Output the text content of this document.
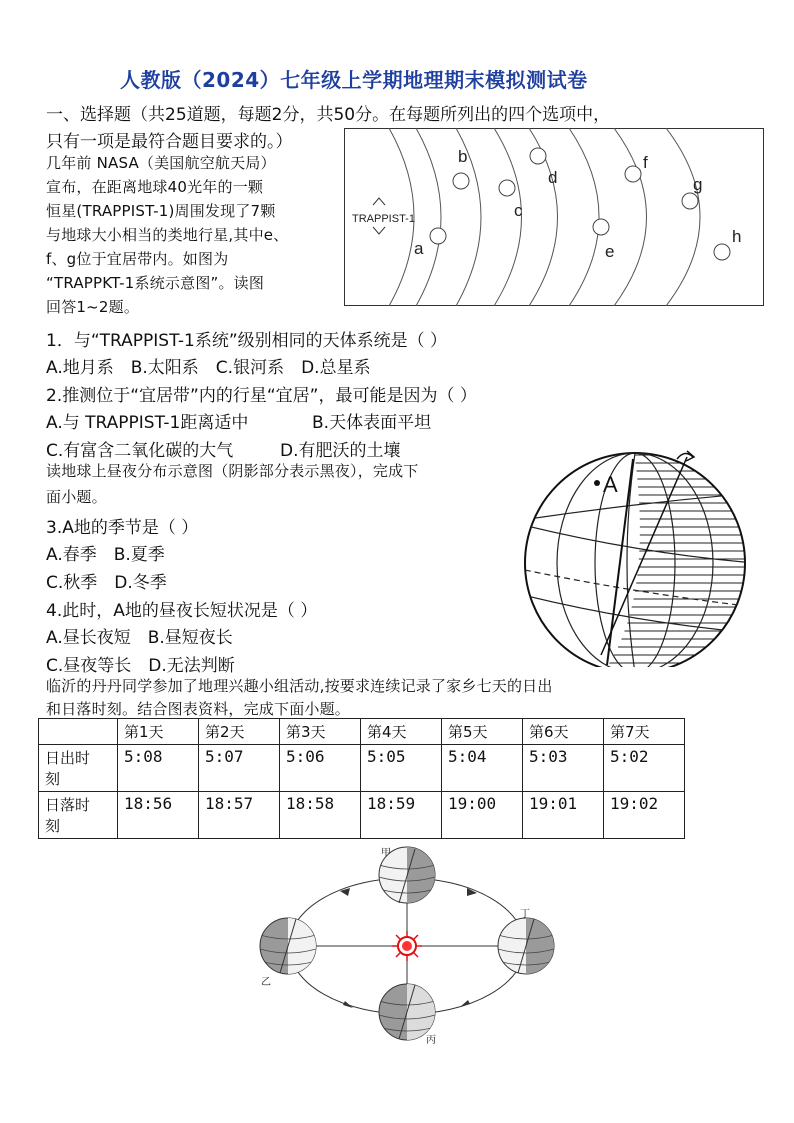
人教版（2024）七年级上学期地理期末模拟测试卷
一、选择题（共25道题，每题2分，共50分。在每题所列出的四个选项中，
只有一项是最符合题目要求的。）
几年前 NASA（美国航空航天局）
宣布，在距离地球40光年的一颗
恒星(TRAPPIST-1)周围发现了7颗
与地球大小相当的类地行星,其中e、
f、g位于宜居带内。如图为
“TRAPPKT-1系统示意图”。读图
回答1~2题。
TRAPPIST-1
a
b
c
d
e
f
g
h
1．与“TRAPPIST-1系统”级别相同的天体系统是（ ）
A.地月系　B.太阳系　C.银河系　D.总星系
2.推测位于“宜居带”内的行星“宜居”，最可能是因为（ ）
A.与 TRAPPIST-1距离适中	B.天体表面平坦
C.有富含二氧化碳的大气	D.有肥沃的土壤
读地球上昼夜分布示意图（阴影部分表示黑夜），完成下
面小题。	A
3.A地的季节是（ ）
A.春季　B.夏季
C.秋季　D.冬季
4.此时，A地的昼夜长短状况是（ ）
A.昼长夜短　B.昼短夜长
C.昼夜等长　D.无法判断
临沂的丹丹同学参加了地理兴趣小组活动,按要求连续记录了家乡七天的日出
和日落时刻。结合图表资料，完成下面小题。
	第1天	第2天	第3天	第4天	第5天	第6天	第7天

日出时
刻	5:08	5:07	5:06	5:05	5:04	5:03	5:02

日落时
刻	18:56	18:57	18:58	18:59	19:00	19:01	19:02
甲
乙
丙
丁
